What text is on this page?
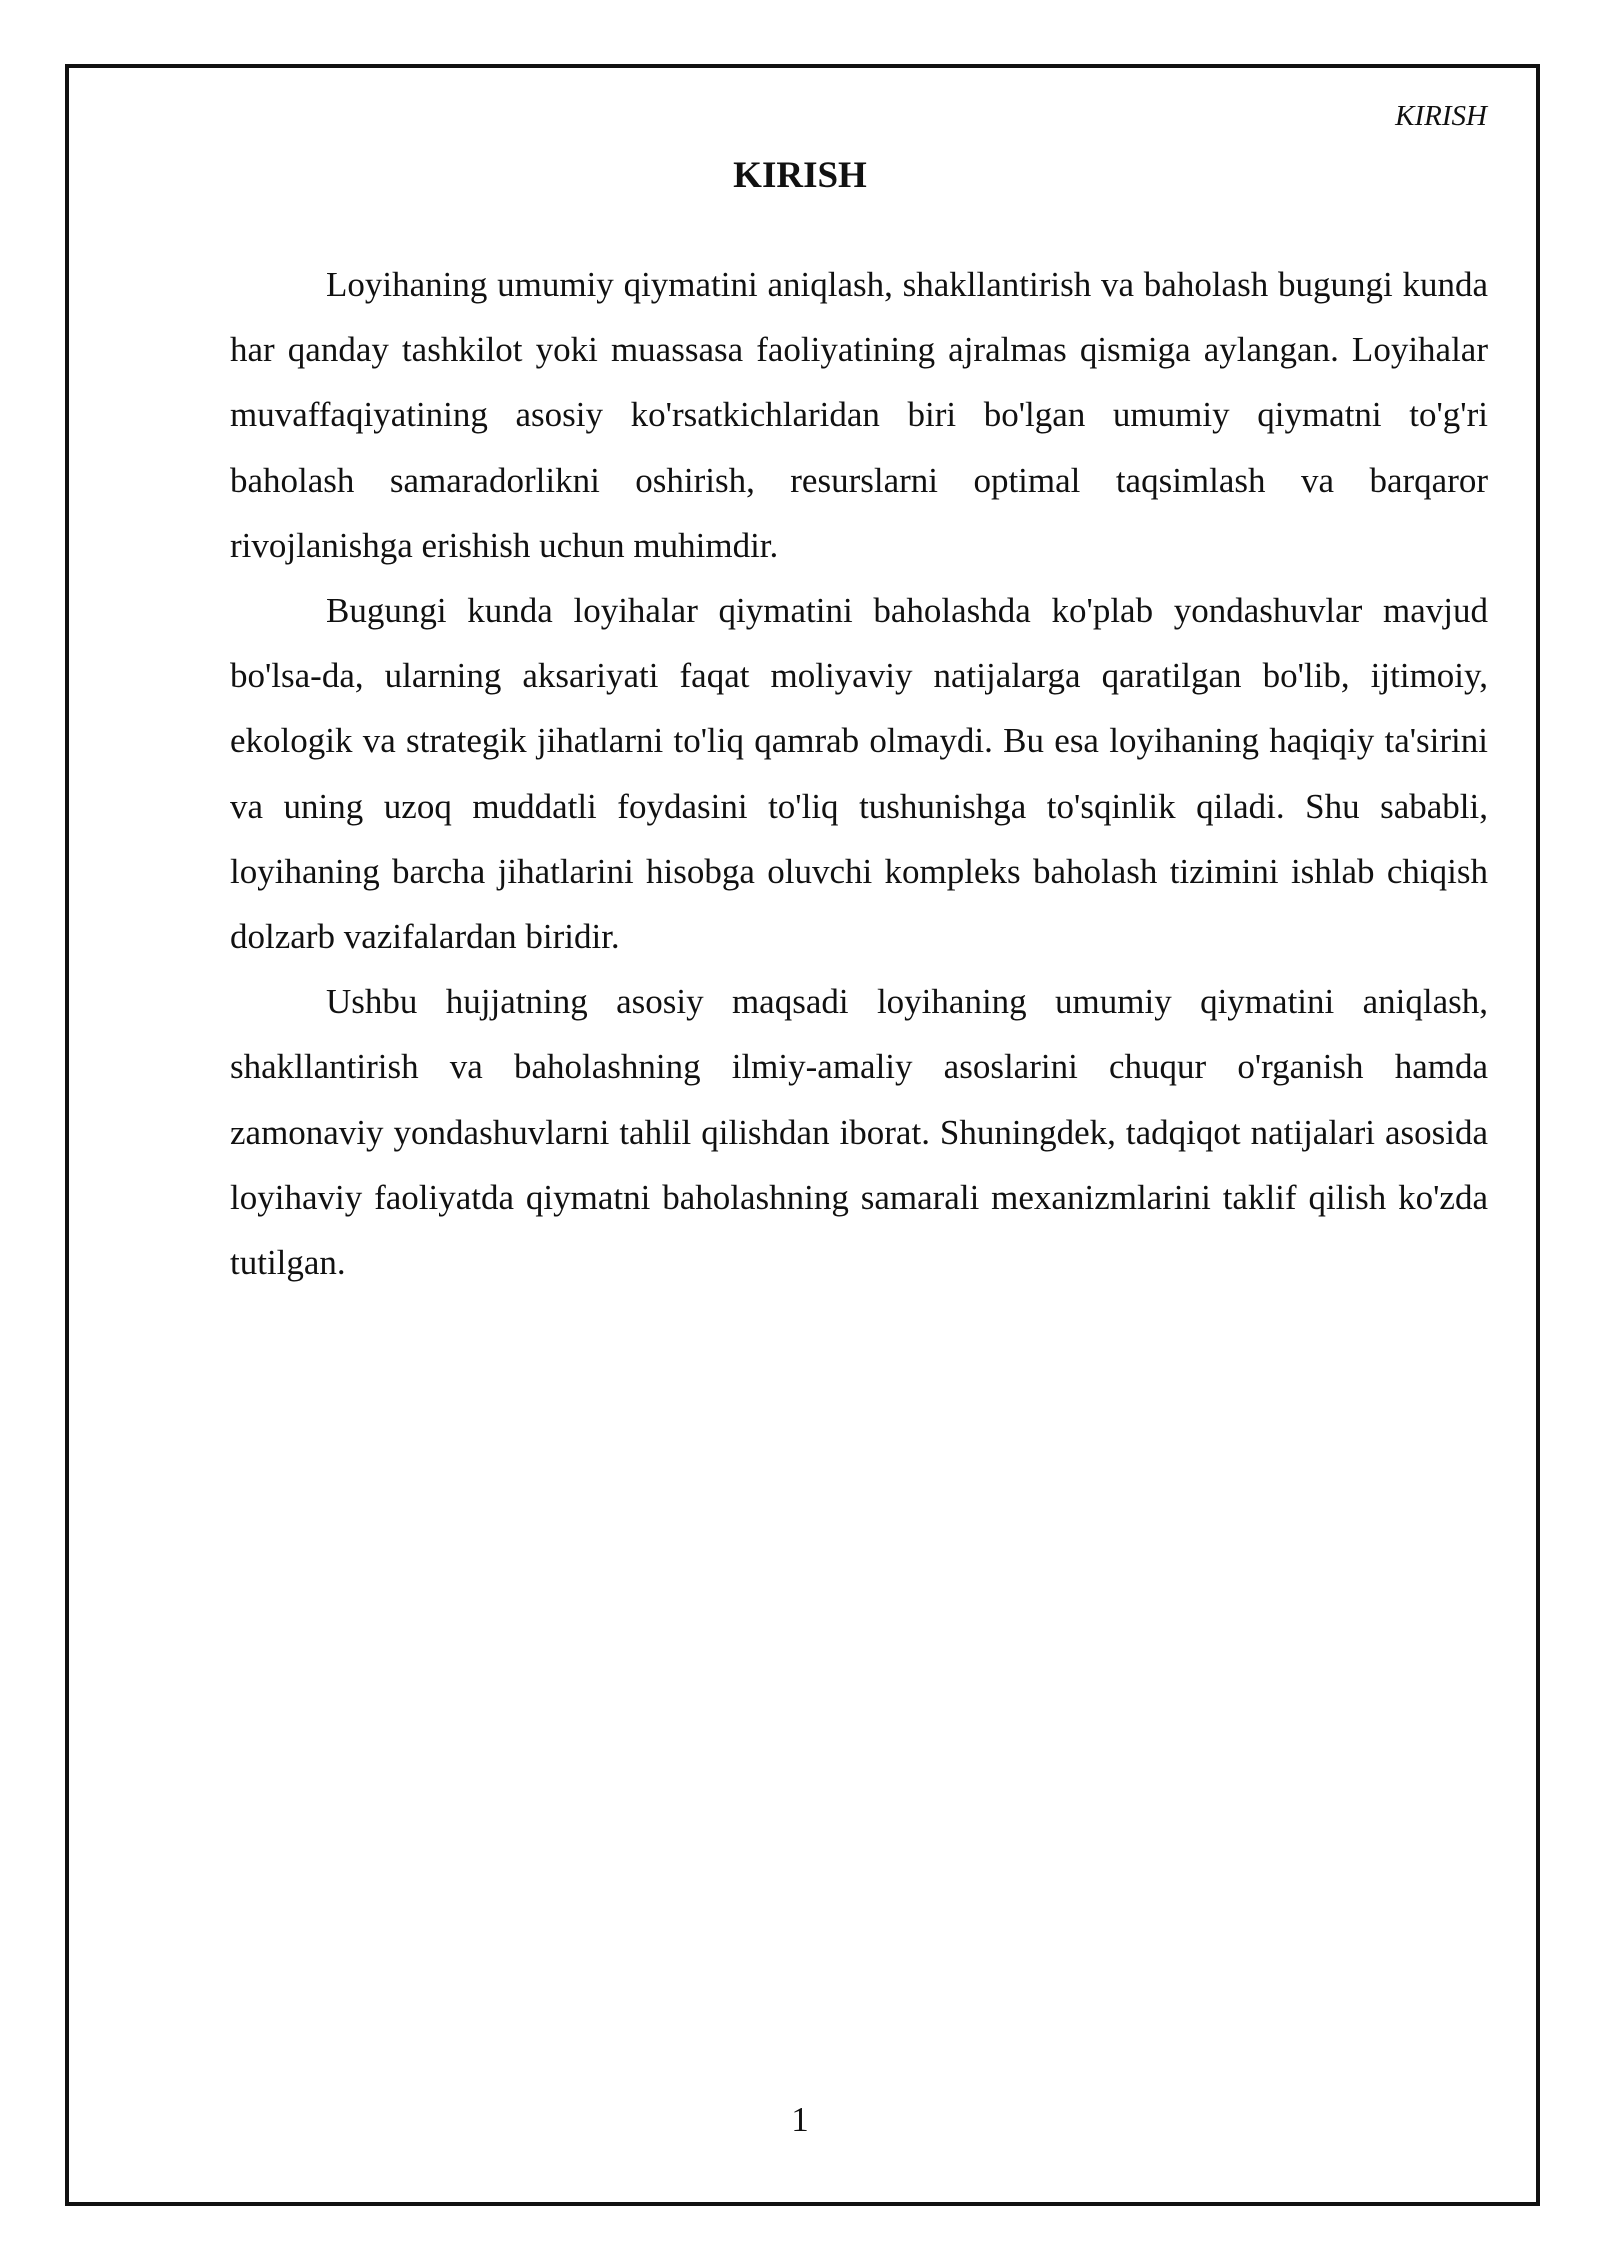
KIRISH
KIRISH

Loyihaning umumiy qiymatini aniqlash, shakllantirish va baholash bugungi kunda har qanday tashkilot yoki muassasa faoliyatining ajralmas qismiga aylangan. Loyihalar muvaffaqiyatining asosiy ko'rsatkichlaridan biri bo'lgan umumiy qiymatni to'g'ri baholash samaradorlikni oshirish, resurslarni optimal taqsimlash va barqaror rivojlanishga erishish uchun muhimdir.

Bugungi kunda loyihalar qiymatini baholashda ko'plab yondashuvlar mavjud bo'lsa-da, ularning aksariyati faqat moliyaviy natijalarga qaratilgan bo'lib, ijtimoiy, ekologik va strategik jihatlarni to'liq qamrab olmaydi. Bu esa loyihaning haqiqiy ta'sirini va uning uzoq muddatli foydasini to'liq tushunishga to'sqinlik qiladi. Shu sababli, loyihaning barcha jihatlarini hisobga oluvchi kompleks baholash tizimini ishlab chiqish dolzarb vazifalardan biridir.

Ushbu hujjatning asosiy maqsadi loyihaning umumiy qiymatini aniqlash, shakllantirish va baholashning ilmiy-amaliy asoslarini chuqur o'rganish hamda zamonaviy yondashuvlarni tahlil qilishdan iborat. Shuningdek, tadqiqot natijalari asosida loyihaviy faoliyatda qiymatni baholashning samarali mexanizmlarini taklif qilish ko'zda tutilgan.

1
